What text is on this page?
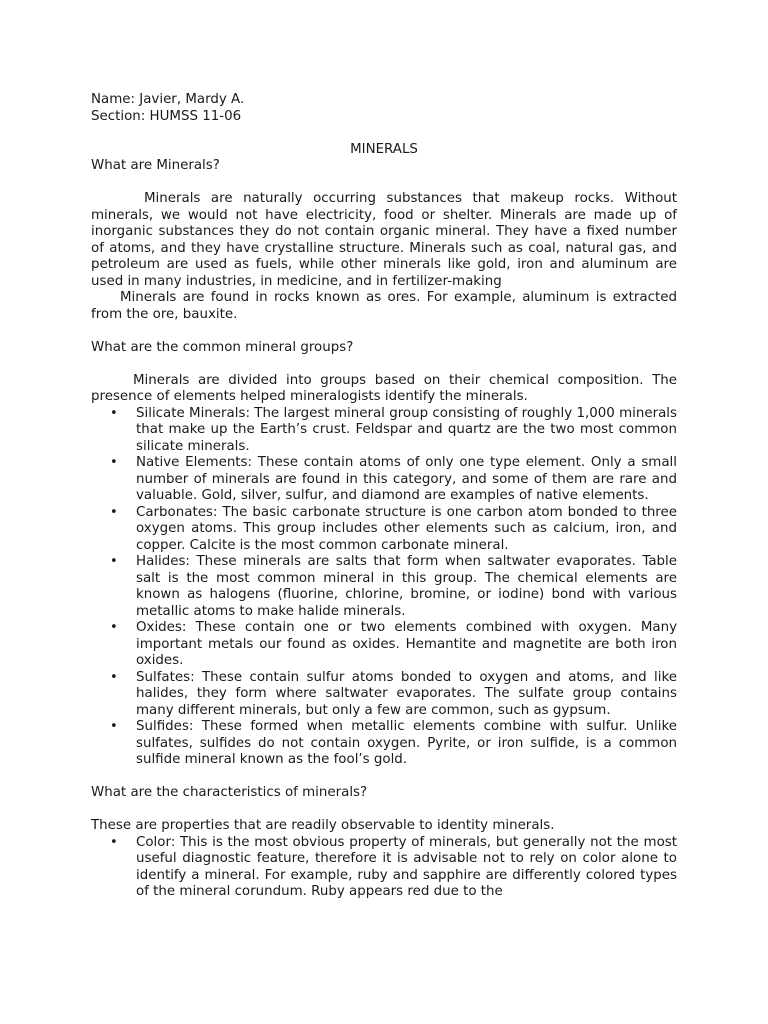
Name: Javier, Mardy A.
Section: HUMSS 11-06
MINERALS
What are Minerals?

Minerals are naturally occurring substances that makeup rocks. Without minerals, we would not have electricity, food or shelter. Minerals are made up of inorganic substances they do not contain organic mineral. They have a fixed number of atoms, and they have crystalline structure. Minerals such as coal, natural gas, and petroleum are used as fuels, while other minerals like gold, iron and aluminum are used in many industries, in medicine, and in fertilizer-making

Minerals are found in rocks known as ores. For example, aluminum is extracted from the ore, bauxite.

What are the common mineral groups?

Minerals are divided into groups based on their chemical composition. The presence of elements helped mineralogists identify the minerals.

• Silicate Minerals: The largest mineral group consisting of roughly 1,000 minerals that make up the Earth’s crust. Feldspar and quartz are the two most common silicate minerals.
• Native Elements: These contain atoms of only one type element. Only a small number of minerals are found in this category, and some of them are rare and valuable. Gold, silver, sulfur, and diamond are examples of native elements.
• Carbonates: The basic carbonate structure is one carbon atom bonded to three oxygen atoms. This group includes other elements such as calcium, iron, and copper. Calcite is the most common carbonate mineral.
• Halides: These minerals are salts that form when saltwater evaporates. Table salt is the most common mineral in this group. The chemical elements are known as halogens (fluorine, chlorine, bromine, or iodine) bond with various metallic atoms to make halide minerals.
• Oxides: These contain one or two elements combined with oxygen. Many important metals our found as oxides. Hemantite and magnetite are both iron oxides.
• Sulfates: These contain sulfur atoms bonded to oxygen and atoms, and like halides, they form where saltwater evaporates. The sulfate group contains many different minerals, but only a few are common, such as gypsum.
• Sulfides: These formed when metallic elements combine with sulfur. Unlike sulfates, sulfides do not contain oxygen. Pyrite, or iron sulfide, is a common sulfide mineral known as the fool’s gold.
What are the characteristics of minerals?
These are properties that are readily observable to identity minerals.
• Color: This is the most obvious property of minerals, but generally not the most useful diagnostic feature, therefore it is advisable not to rely on color alone to identify a mineral. For example, ruby and sapphire are differently colored types of the mineral corundum. Ruby appears red due to the
